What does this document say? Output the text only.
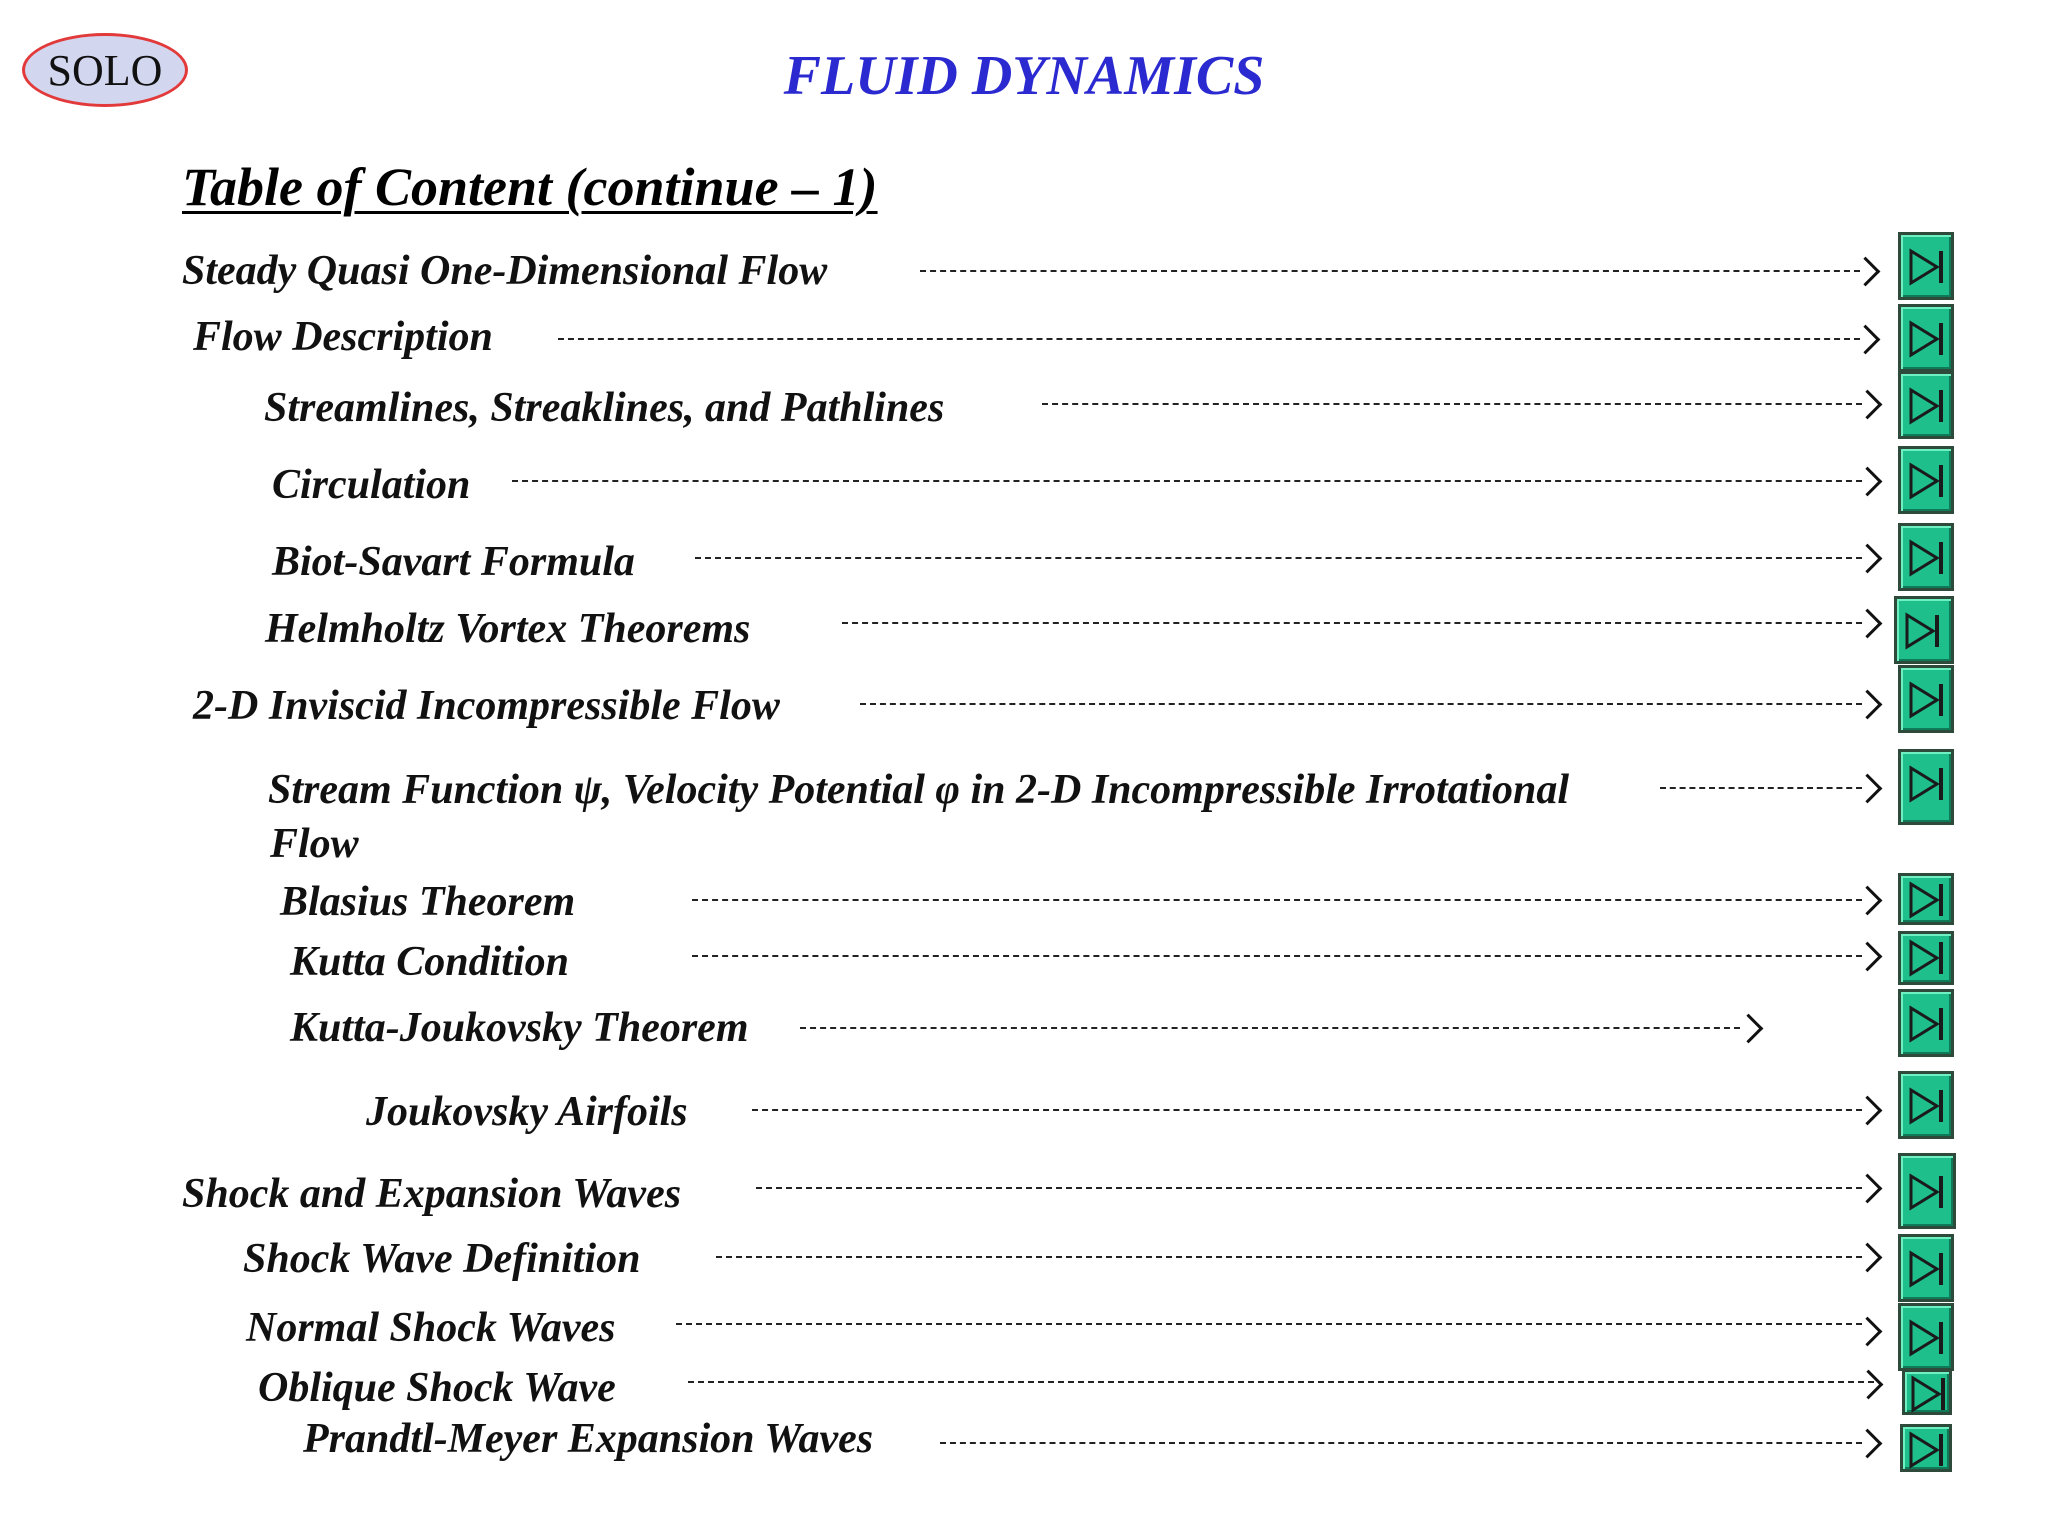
SOLO	FLUID DYNAMICS
Table of Content (continue – 1)
Steady Quasi One-Dimensional Flow
Flow Description
Streamlines, Streaklines, and Pathlines
Circulation
Biot-Savart Formula
Helmholtz Vortex Theorems
2-D Inviscid Incompressible Flow
Stream Function ψ, Velocity Potential φ in 2-D Incompressible Irrotational
Flow
Blasius Theorem
Kutta Condition
Kutta-Joukovsky Theorem
Joukovsky Airfoils
Shock and Expansion Waves
Shock Wave Definition
Normal Shock Waves
Oblique Shock Wave
Prandtl-Meyer Expansion Waves
